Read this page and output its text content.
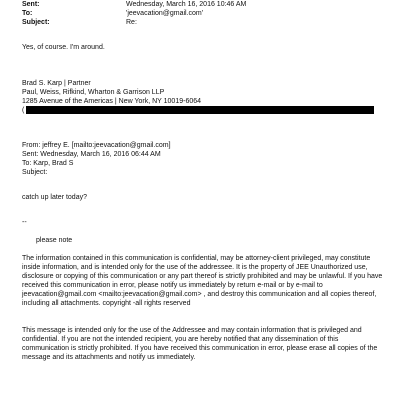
Sent:	Wednesday, March 16, 2016 10:46 AM
To:	'jeevacation@gmail.com'
Subject:	Re:
Yes, of course. I'm around.
Brad S. Karp | Partner
Paul, Weiss, Rifkind, Wharton & Garrison LLP
1285 Avenue of the Americas | New York, NY 10019-6064
(
From: jeffrey E. [mailto:jeevacation@gmail.com]
Sent: Wednesday, March 16, 2016 06:44 AM
To: Karp, Brad S
Subject:
catch up later today?
--
please note
The information contained in this communication is confidential, may be attorney-client privileged, may constitute inside information, and is intended only for the use of the addressee. It is the property of JEE Unauthorized use, disclosure or copying of this communication or any part thereof is strictly prohibited and may be unlawful. If you have received this communication in error, please notify us immediately by return e-mail or by e-mail to jeevacation@gmail.com <mailto:jeevacation@gmail.com> , and destroy this communication and all copies thereof, including all attachments. copyright -all rights reserved
This message is intended only for the use of the Addressee and may contain information that is privileged and confidential. If you are not the intended recipient, you are hereby notified that any dissemination of this communication is strictly prohibited. If you have received this communication in error, please erase all copies of the message and its attachments and notify us immediately.
